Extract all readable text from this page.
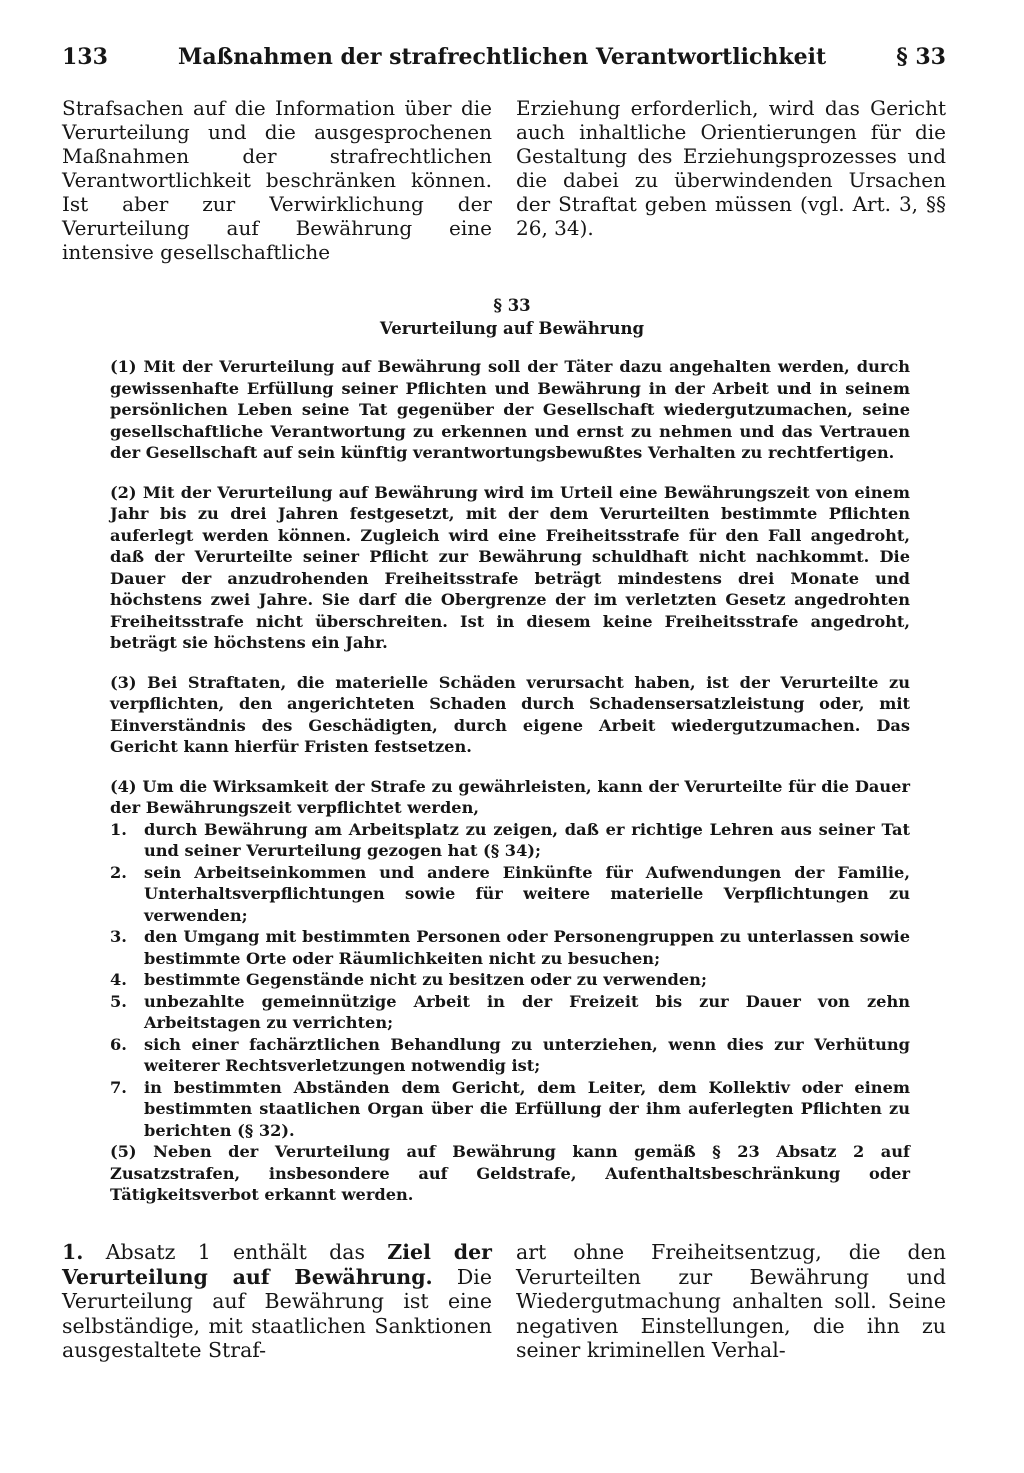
133	Maßnahmen der strafrechtlichen Verantwortlichkeit	§ 33
Strafsachen auf die Information über die Verurteilung und die ausgesprochenen Maßnahmen der strafrechtlichen Verantwortlichkeit beschränken können. Ist aber zur Verwirklichung der Verurteilung auf Bewährung eine intensive gesellschaftliche
Erziehung erforderlich, wird das Gericht auch inhaltliche Orientierungen für die Gestaltung des Erziehungsprozesses und die dabei zu überwindenden Ursachen der Straftat geben müssen (vgl. Art. 3, §§ 26, 34).
§ 33
Verurteilung auf Bewährung

(1) Mit der Verurteilung auf Bewährung soll der Täter dazu angehalten werden, durch gewissenhafte Erfüllung seiner Pflichten und Bewährung in der Arbeit und in seinem persönlichen Leben seine Tat gegenüber der Gesellschaft wiedergutzumachen, seine gesellschaftliche Verantwortung zu erkennen und ernst zu nehmen und das Vertrauen der Gesellschaft auf sein künftig verantwortungsbewußtes Verhalten zu rechtfertigen.

(2) Mit der Verurteilung auf Bewährung wird im Urteil eine Bewährungszeit von einem Jahr bis zu drei Jahren festgesetzt, mit der dem Verurteilten bestimmte Pflichten auferlegt werden können. Zugleich wird eine Freiheitsstrafe für den Fall angedroht, daß der Verurteilte seiner Pflicht zur Bewährung schuldhaft nicht nachkommt. Die Dauer der anzudrohenden Freiheitsstrafe beträgt mindestens drei Monate und höchstens zwei Jahre. Sie darf die Obergrenze der im verletzten Gesetz angedrohten Freiheitsstrafe nicht überschreiten. Ist in diesem keine Freiheitsstrafe angedroht, beträgt sie höchstens ein Jahr.

(3) Bei Straftaten, die materielle Schäden verursacht haben, ist der Verurteilte zu verpflichten, den angerichteten Schaden durch Schadensersatzleistung oder, mit Einverständnis des Geschädigten, durch eigene Arbeit wiedergutzumachen. Das Gericht kann hierfür Fristen festsetzen.

(4) Um die Wirksamkeit der Strafe zu gewährleisten, kann der Verurteilte für die Dauer der Bewährungszeit verpflichtet werden,

1.	durch Bewährung am Arbeitsplatz zu zeigen, daß er richtige Lehren aus seiner Tat und seiner Verurteilung gezogen hat (§ 34);
2.	sein Arbeitseinkommen und andere Einkünfte für Aufwendungen der Familie, Unterhaltsverpflichtungen sowie für weitere materielle Verpflichtungen zu verwenden;
3.	den Umgang mit bestimmten Personen oder Personengruppen zu unterlassen sowie bestimmte Orte oder Räumlichkeiten nicht zu besuchen;
4.	bestimmte Gegenstände nicht zu besitzen oder zu verwenden;
5.	unbezahlte gemeinnützige Arbeit in der Freizeit bis zur Dauer von zehn Arbeitstagen zu verrichten;
6.	sich einer fachärztlichen Behandlung zu unterziehen, wenn dies zur Verhütung weiterer Rechtsverletzungen notwendig ist;
7.	in bestimmten Abständen dem Gericht, dem Leiter, dem Kollektiv oder einem bestimmten staatlichen Organ über die Erfüllung der ihm auferlegten Pflichten zu berichten (§ 32).

(5) Neben der Verurteilung auf Bewährung kann gemäß § 23 Absatz 2 auf Zusatzstrafen, insbesondere auf Geldstrafe, Aufenthaltsbeschränkung oder Tätigkeitsverbot erkannt werden.

1. Absatz 1 enthält das Ziel der Verurteilung auf Bewährung. Die Verurteilung auf Bewährung ist eine selbständige, mit staatlichen Sanktionen ausgestaltete Straf-
art ohne Freiheitsentzug, die den Verurteilten zur Bewährung und Wiedergutmachung anhalten soll. Seine negativen Einstellungen, die ihn zu seiner kriminellen Verhal-
